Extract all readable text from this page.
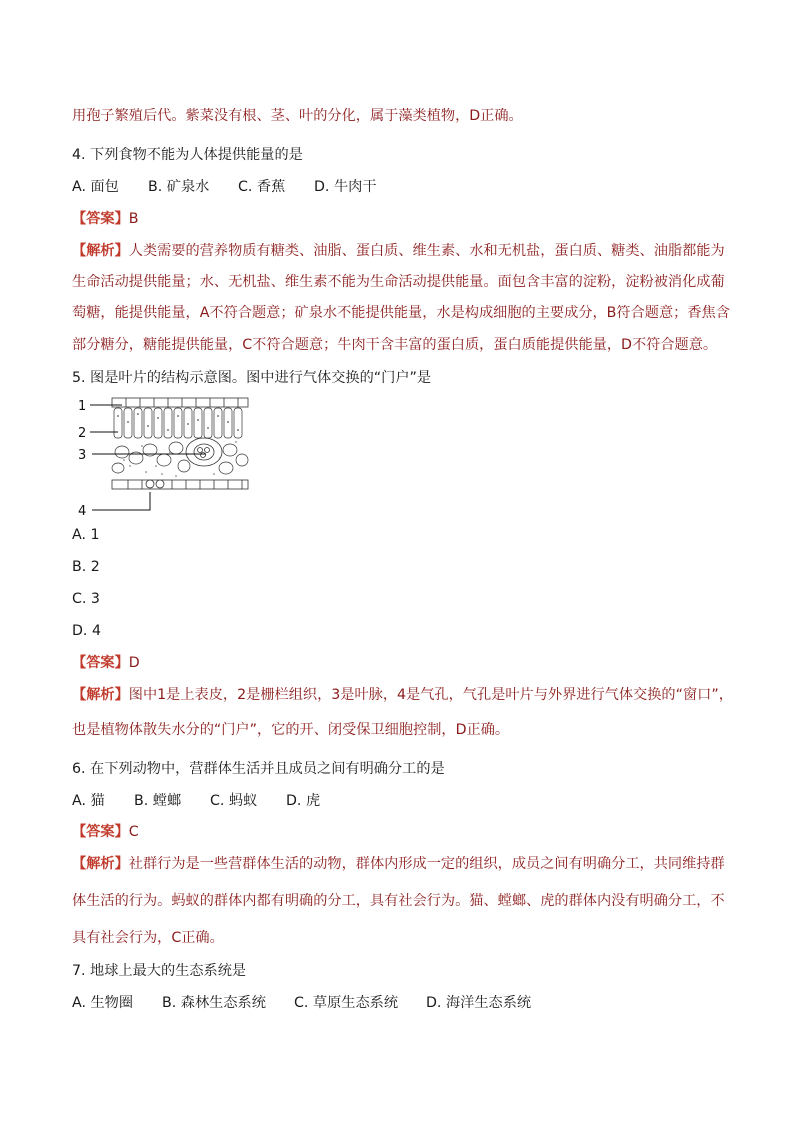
用孢子繁殖后代。紫菜没有根、茎、叶的分化，属于藻类植物，D正确。
4. 下列食物不能为人体提供能量的是
A. 面包 B. 矿泉水 C. 香蕉 D. 牛肉干
【答案】B
【解析】人类需要的营养物质有糖类、油脂、蛋白质、维生素、水和无机盐，蛋白质、糖类、油脂都能为
生命活动提供能量；水、无机盐、维生素不能为生命活动提供能量。面包含丰富的淀粉，淀粉被消化成葡
萄糖，能提供能量，A不符合题意；矿泉水不能提供能量，水是构成细胞的主要成分，B符合题意；香焦含
部分糖分，糖能提供能量，C不符合题意；牛肉干含丰富的蛋白质，蛋白质能提供能量，D不符合题意。
5. 图是叶片的结构示意图。图中进行气体交换的“门户”是
1
2
3
4
A. 1
B. 2
C. 3
D. 4
【答案】D
【解析】图中1是上表皮，2是栅栏组织，3是叶脉，4是气孔，气孔是叶片与外界进行气体交换的“窗口”，
也是植物体散失水分的“门户”，它的开、闭受保卫细胞控制，D正确。
6. 在下列动物中，营群体生活并且成员之间有明确分工的是
A. 猫 B. 螳螂 C. 蚂蚁 D. 虎
【答案】C
【解析】社群行为是一些营群体生活的动物，群体内形成一定的组织，成员之间有明确分工，共同维持群
体生活的行为。蚂蚁的群体内都有明确的分工，具有社会行为。猫、螳螂、虎的群体内没有明确分工，不
具有社会行为，C正确。
7. 地球上最大的生态系统是
A. 生物圈 B. 森林生态系统 C. 草原生态系统 D. 海洋生态系统
